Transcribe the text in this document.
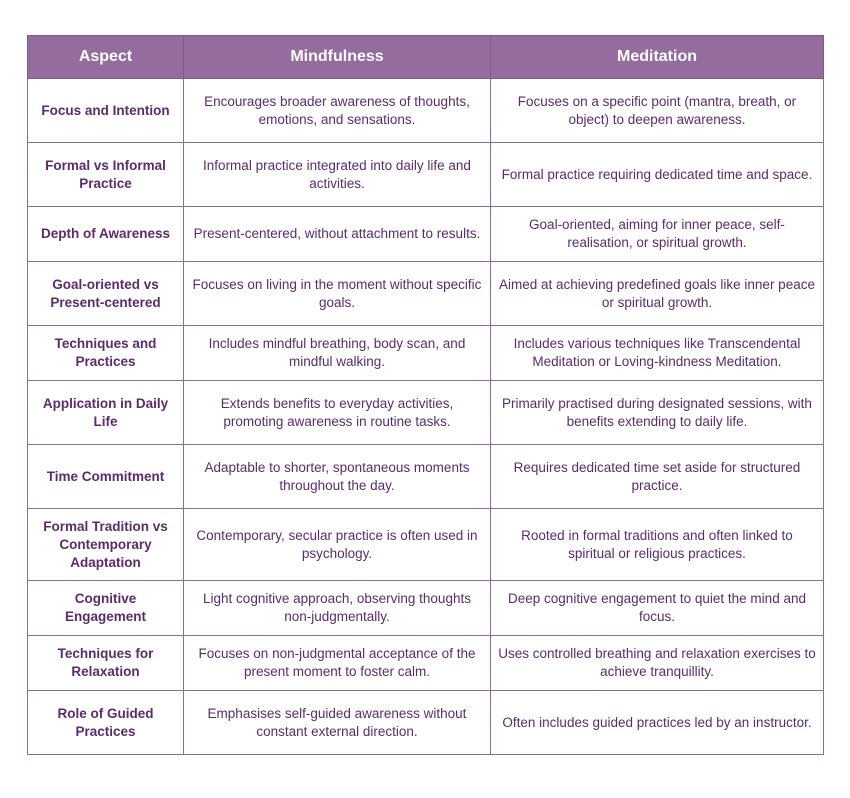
Aspect	Mindfulness	Meditation
Focus and Intention	Encourages broader awareness of thoughts, emotions, and sensations.	Focuses on a specific point (mantra, breath, or object) to deepen awareness.
Formal vs Informal Practice	Informal practice integrated into daily life and activities.	Formal practice requiring dedicated time and space.
Depth of Awareness	Present-centered, without attachment to results.	Goal-oriented, aiming for inner peace, self-realisation, or spiritual growth.
Goal-oriented vs Present-centered	Focuses on living in the moment without specific goals.	Aimed at achieving predefined goals like inner peace or spiritual growth.
Techniques and Practices	Includes mindful breathing, body scan, and mindful walking.	Includes various techniques like Transcendental Meditation or Loving-kindness Meditation.
Application in Daily Life	Extends benefits to everyday activities, promoting awareness in routine tasks.	Primarily practised during designated sessions, with benefits extending to daily life.
Time Commitment	Adaptable to shorter, spontaneous moments throughout the day.	Requires dedicated time set aside for structured practice.
Formal Tradition vs Contemporary Adaptation	Contemporary, secular practice is often used in psychology.	Rooted in formal traditions and often linked to spiritual or religious practices.
Cognitive Engagement	Light cognitive approach, observing thoughts non-judgmentally.	Deep cognitive engagement to quiet the mind and focus.
Techniques for Relaxation	Focuses on non-judgmental acceptance of the present moment to foster calm.	Uses controlled breathing and relaxation exercises to achieve tranquillity.
Role of Guided Practices	Emphasises self-guided awareness without constant external direction.	Often includes guided practices led by an instructor.
